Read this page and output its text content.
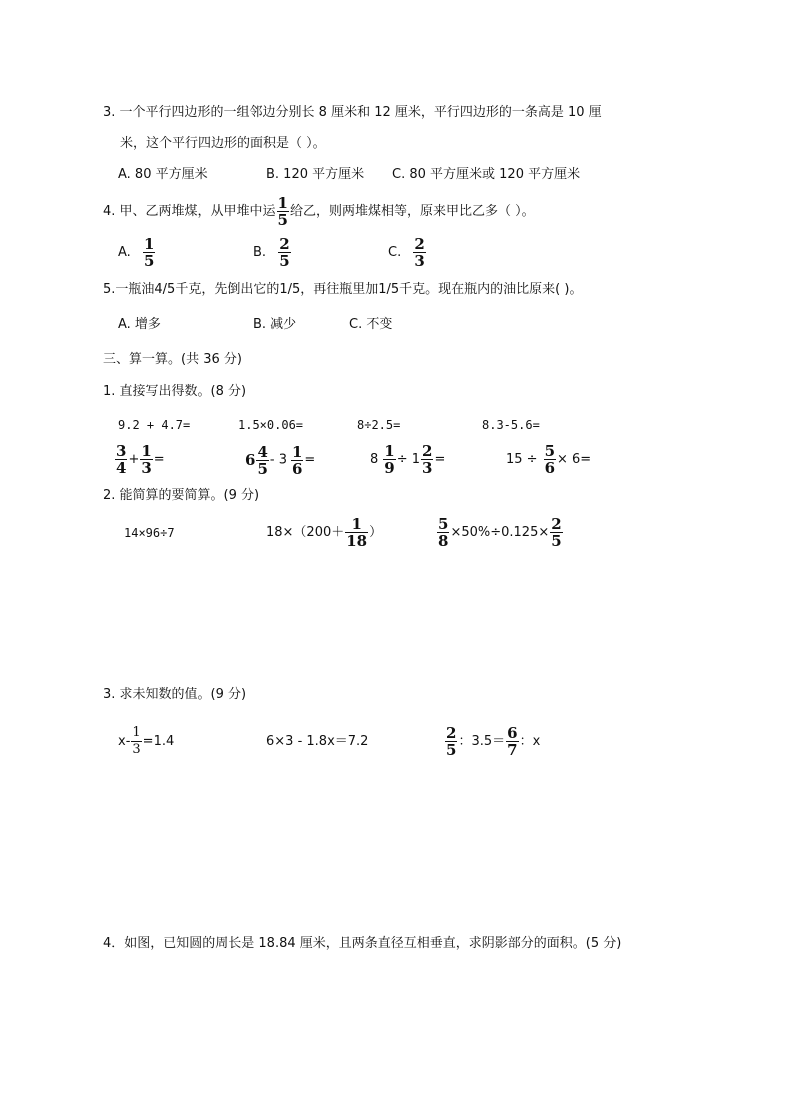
3. 一个平行四边形的一组邻边分别长 8 厘米和 12 厘米，平行四边形的一条高是 10 厘
米，这个平行四边形的面积是（ ）。
A. 80 平方厘米	B. 120 平方厘米 C. 80 平方厘米或 120 平方厘米
4. 甲、乙两堆煤，从甲堆中运 $\frac{1}{5}$ 给乙，则两堆煤相等，原来甲比乙多（ ）。
A. $\frac{1}{5}$	B. $\frac{2}{5}$	C. $\frac{2}{3}$
5.一瓶油4/5千克，先倒出它的1/5，再往瓶里加1/5千克。现在瓶内的油比原来( )。
A. 增多	B. 减少	C. 不变
三、算一算。(共 36 分)
1. 直接写出得数。(8 分)
9.2 + 4.7=	1.5×0.06=	8÷2.5=	8.3-5.6=
$\frac{3}{4} + \frac{1}{3}$ =	$6 \frac{4}{5} - 3 \frac{1}{6}$ =	$8 \frac{1}{9} \div 1 \frac{2}{3}$ =	$15 \div \frac{5}{6} \times 6=$
2. 能简算的要简算。(9 分)
14×96÷7	$18\times(200+ \frac{1}{18}$ ）	$\frac{5}{8} \times 50\%\div 0.125\times \frac{2}{5}$
3. 求未知数的值。(9 分)
$x- \frac{1}{3} =1.4$	6×3 - 1.8x＝7.2	$\frac{2}{5}$ ：$3.5= \frac{6}{7}$ ：x
4．如图，已知圆的周长是 18.84 厘米，且两条直径互相垂直，求阴影部分的面积。(5 分)
